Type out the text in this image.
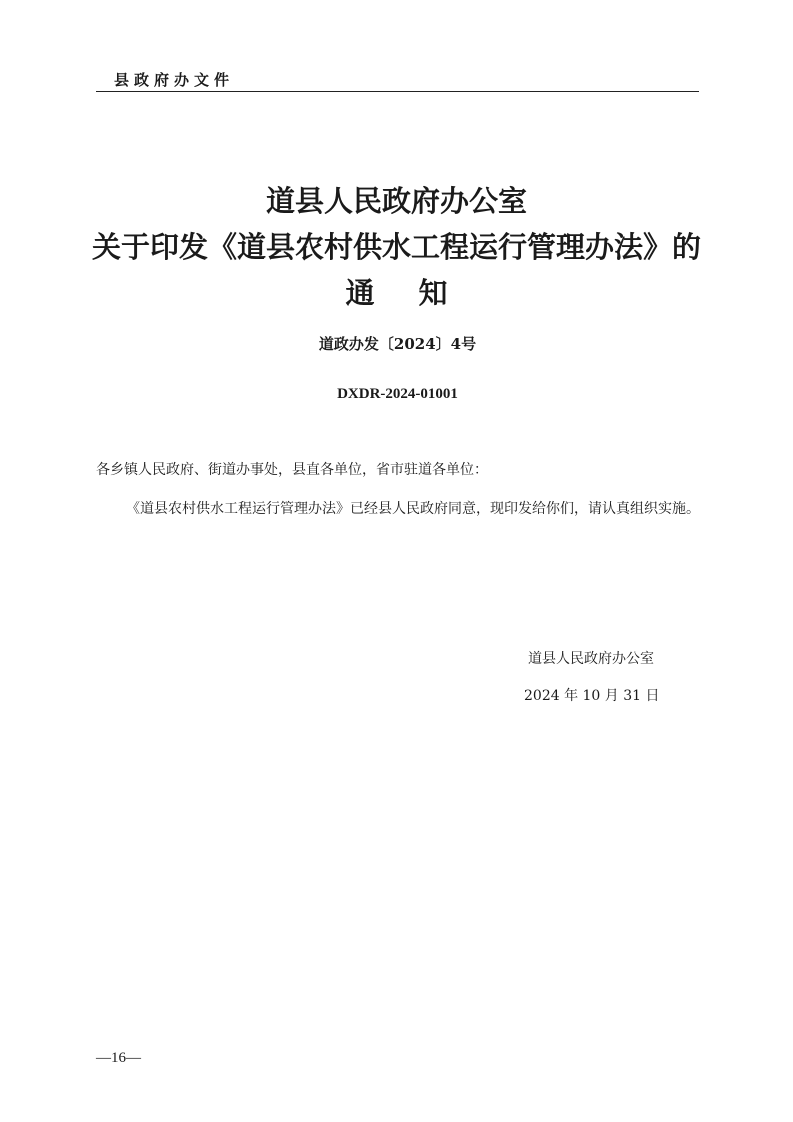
县政府办文件
道县人民政府办公室
关于印发《道县农村供水工程运行管理办法》的
通知
道政办发〔2024〕4号
DXDR-2024-01001
各乡镇人民政府、街道办事处，县直各单位，省市驻道各单位：
《道县农村供水工程运行管理办法》已经县人民政府同意，现印发给你们，请认真组织实施。
道县人民政府办公室
2024 年 10 月 31 日
—16—
